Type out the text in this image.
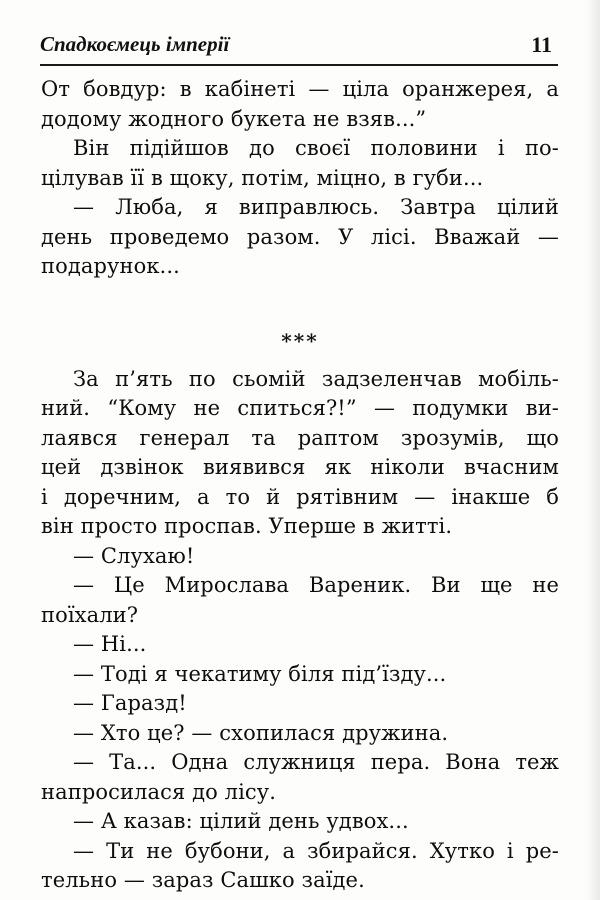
Спадкоємець імперії	11
От бовдур: в кабінеті — ціла оранжерея, а
додому жодного букета не взяв...”
Він підійшов до своєї половини і по-
цілував її в щоку, потім, міцно, в губи...
— Люба, я виправлюсь. Завтра цілий
день проведемо разом. У лісі. Вважай —
подарунок...
***
За п’ять по сьомій задзеленчав мобіль-
ний. “Кому не спиться?!” — подумки ви-
лаявся генерал та раптом зрозумів, що
цей дзвінок виявився як ніколи вчасним
і доречним, а то й рятівним — інакше б
він просто проспав. Уперше в житті.
— Слухаю!
— Це Мирослава Вареник. Ви ще не
поїхали?
— Ні...
— Тоді я чекатиму біля під’їзду...
— Гаразд!
— Хто це? — схопилася дружина.
— Та... Одна служниця пера. Вона теж
напросилася до лісу.
— А казав: цілий день удвох...
— Ти не бубони, а збирайся. Хутко і ре-
тельно — зараз Сашко заїде.
